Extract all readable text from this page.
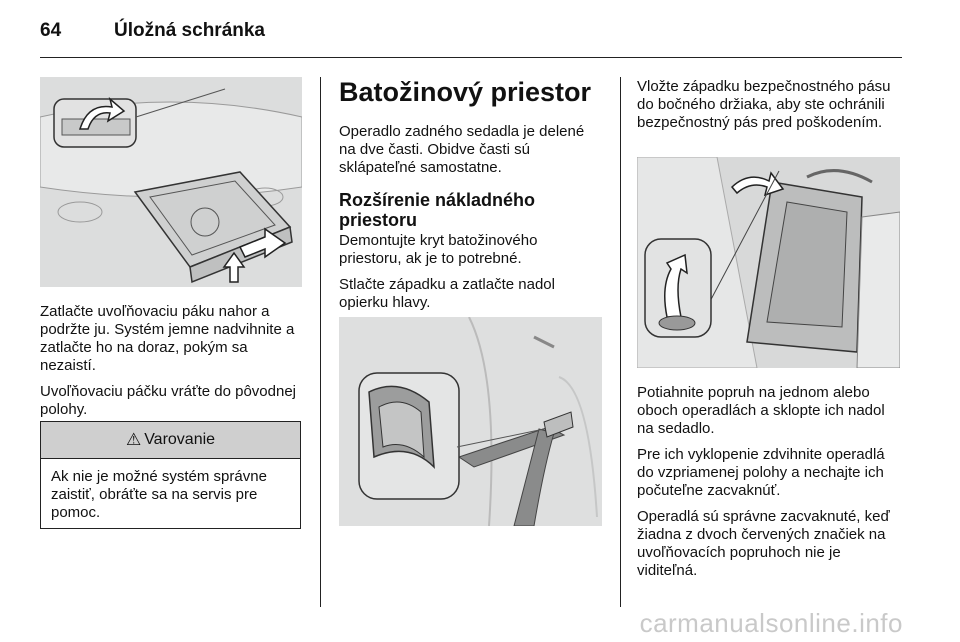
64	Úložná schránka

Zatlačte uvoľňovaciu páku nahor a podržte ju. Systém jemne nadvihnite a zatlačte ho na doraz, pokým sa nezaistí.

Uvoľňovaciu páčku vráťte do pôvodnej polohy.

⚠ Varovanie
Ak nie je možné systém správne zaistiť, obráťte sa na servis pre pomoc.
Batožinový priestor
Operadlo zadného sedadla je delené na dve časti. Obidve časti sú sklápateľné samostatne.
Rozšírenie nákladného priestoru

Demontujte kryt batožinového priestoru, ak je to potrebné.

Stlačte západku a zatlačte nadol opierku hlavy.

Vložte západku bezpečnostného pásu do bočného držiaka, aby ste ochránili bezpečnostný pás pred poškodením.

Potiahnite popruh na jednom alebo oboch operadlách a sklopte ich nadol na sedadlo.

Pre ich vyklopenie zdvihnite operadlá do vzpriamenej polohy a nechajte ich počuteľne zacvaknúť.

Operadlá sú správne zacvaknuté, keď žiadna z dvoch červených značiek na uvoľňovacích popruhoch nie je viditeľná.

carmanualsonline.info
